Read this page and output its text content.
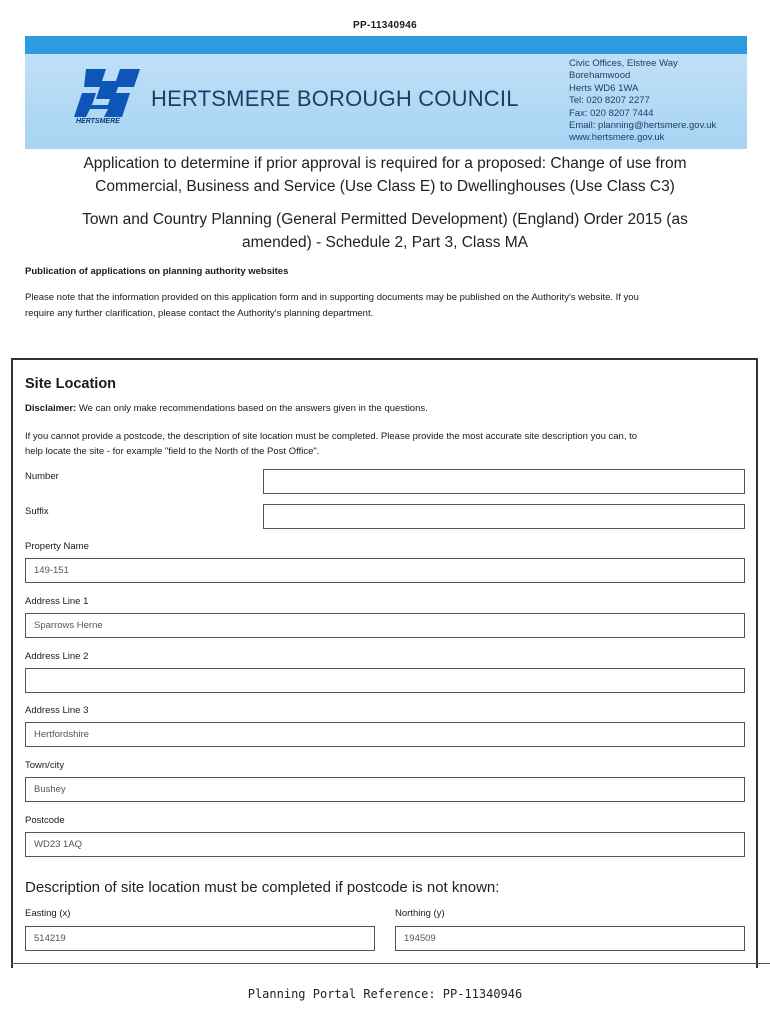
PP-11340946
HERTSMERE
HERTSMERE BOROUGH COUNCIL
Civic Offices, Elstree Way
Borehamwood
Herts WD6 1WA
Tel: 020 8207 2277
Fax: 020 8207 7444
Email: planning@hertsmere.gov.uk
www.hertsmere.gov.uk
Application to determine if prior approval is required for a proposed: Change of use from
Commercial, Business and Service (Use Class E) to Dwellinghouses (Use Class C3)
Town and Country Planning (General Permitted Development) (England) Order 2015 (as
amended) - Schedule 2, Part 3, Class MA
Publication of applications on planning authority websites
Please note that the information provided on this application form and in supporting documents may be published on the Authority's website. If you
require any further clarification, please contact the Authority's planning department.
Site Location
Disclaimer: We can only make recommendations based on the answers given in the questions.
If you cannot provide a postcode, the description of site location must be completed. Please provide the most accurate site description you can, to
help locate the site - for example "field to the North of the Post Office".
Number
Suffix
Property Name
149-151
Address Line 1
Sparrows Herne
Address Line 2
Address Line 3
Hertfordshire
Town/city
Bushey
Postcode
WD23 1AQ
Description of site location must be completed if postcode is not known:
Easting (x)
514219
Northing (y)
194509
Planning Portal Reference: PP-11340946
